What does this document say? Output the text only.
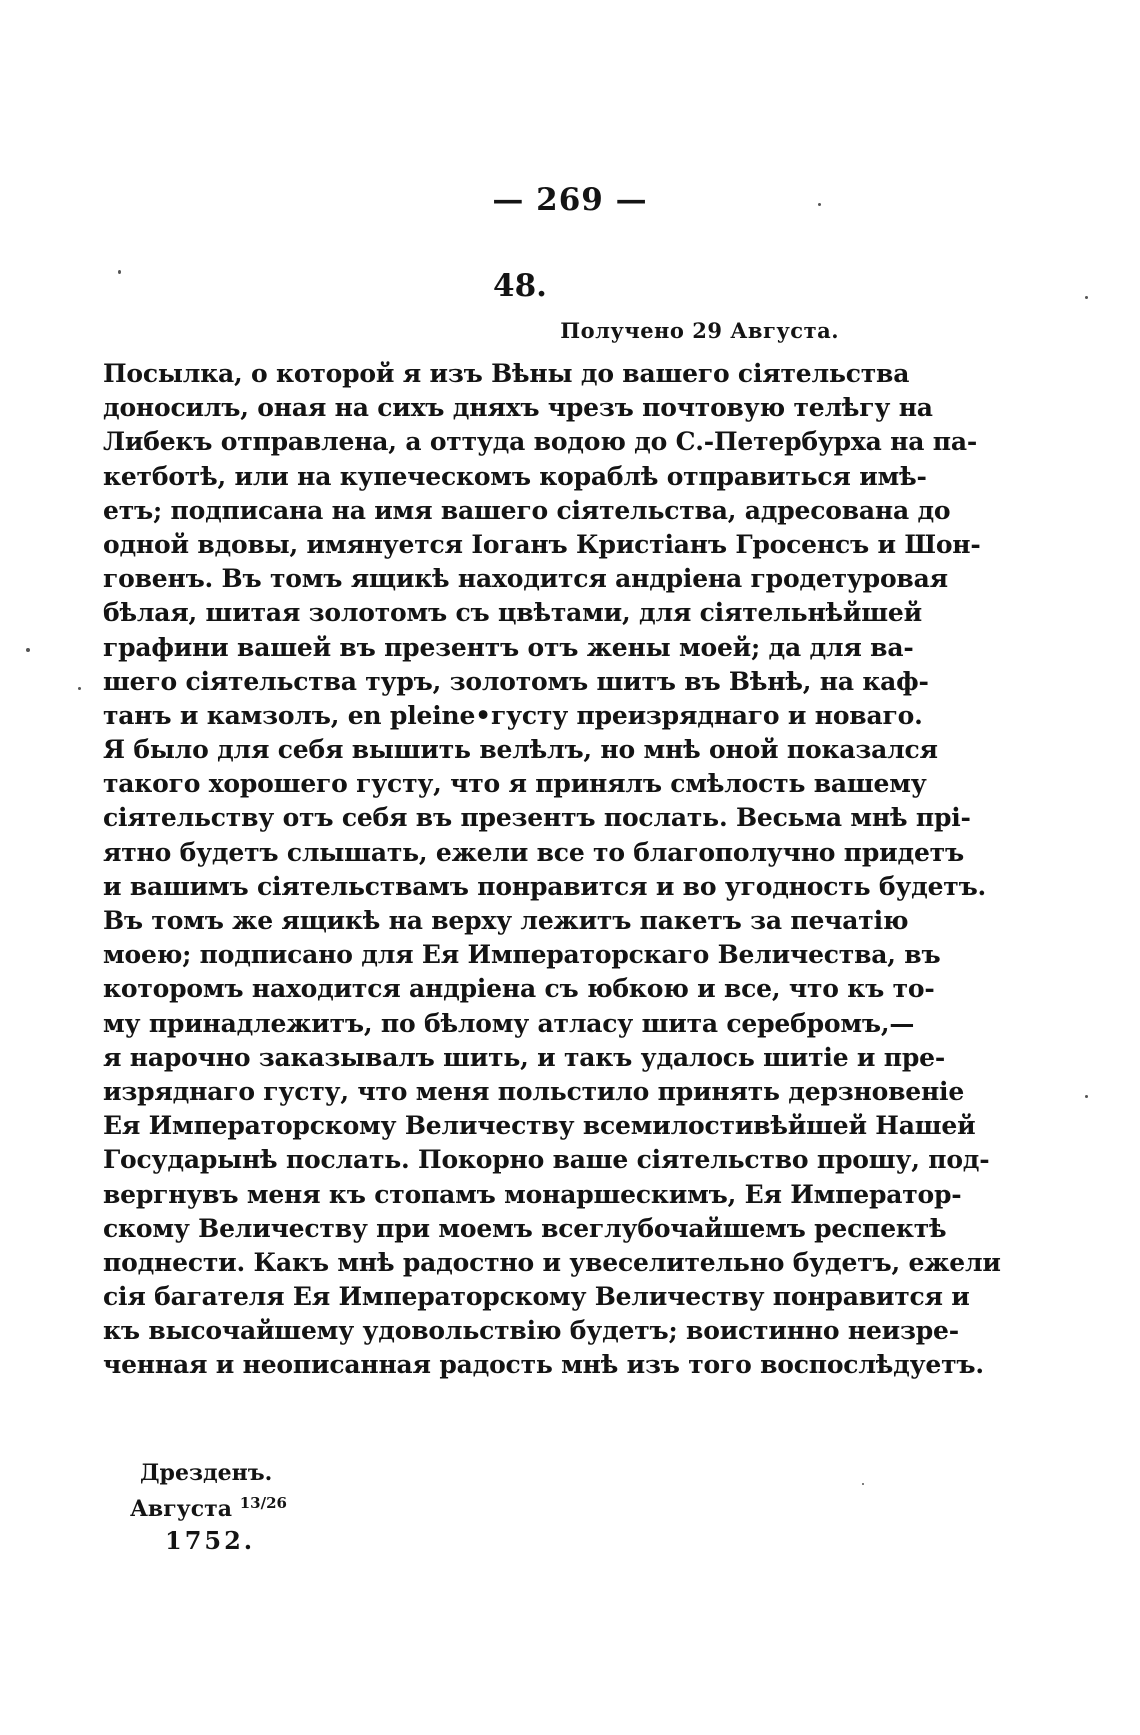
— 269 —
48.
Получено 29 Августа.
Посылка, о которой я изъ Вѣны до вашего сіятельства
доносилъ, оная на сихъ дняхъ чрезъ почтовую телѣгу на
Либекъ отправлена, а оттуда водою до С.-Петербурха на па-
кетботѣ, или на купеческомъ кораблѣ отправиться имѣ-
етъ; подписана на имя вашего сіятельства, адресована до
одной вдовы, имянуется Іоганъ Кристіанъ Гросенсъ и Шон-
говенъ. Въ томъ ящикѣ находится андріена гродетуровая
бѣлая, шитая золотомъ съ цвѣтами, для сіятельнѣйшей
графини вашей въ презентъ отъ жены моей; да для ва-
шего сіятельства туръ, золотомъ шитъ въ Вѣнѣ, на каф-
танъ и камзолъ, en pleine•густу преизряднаго и новаго.
Я было для себя вышить велѣлъ, но мнѣ оной показался
такого хорошего густу, что я принялъ смѣлость вашему
сіятельству отъ себя въ презентъ послать. Весьма мнѣ прі-
ятно будетъ слышать, ежели все то благополучно придетъ
и вашимъ сіятельствамъ понравится и во угодность будетъ.
Въ томъ же ящикѣ на верху лежитъ пакетъ за печатію
моею; подписано для Ея Императорскаго Величества, въ
которомъ находится андріена съ юбкою и все, что къ то-
му принадлежитъ, по бѣлому атласу шита серебромъ,—
я нарочно заказывалъ шить, и такъ удалось шитіе и пре-
изряднаго густу, что меня польстило принять дерзновеніе
Ея Императорскому Величеству всемилостивѣйшей Нашей
Государынѣ послать. Покорно ваше сіятельство прошу, под-
вергнувъ меня къ стопамъ монаршескимъ, Ея Император-
скому Величеству при моемъ всеглубочайшемъ респектѣ
поднести. Какъ мнѣ радостно и увеселительно будетъ, ежели
сія багателя Ея Императорскому Величеству понравится и
къ высочайшему удовольствію будетъ; воистинно неизре-
ченная и неописанная радость мнѣ изъ того воспослѣдуетъ.
Дрезденъ.
Августа $^{13/26}$
1752.
